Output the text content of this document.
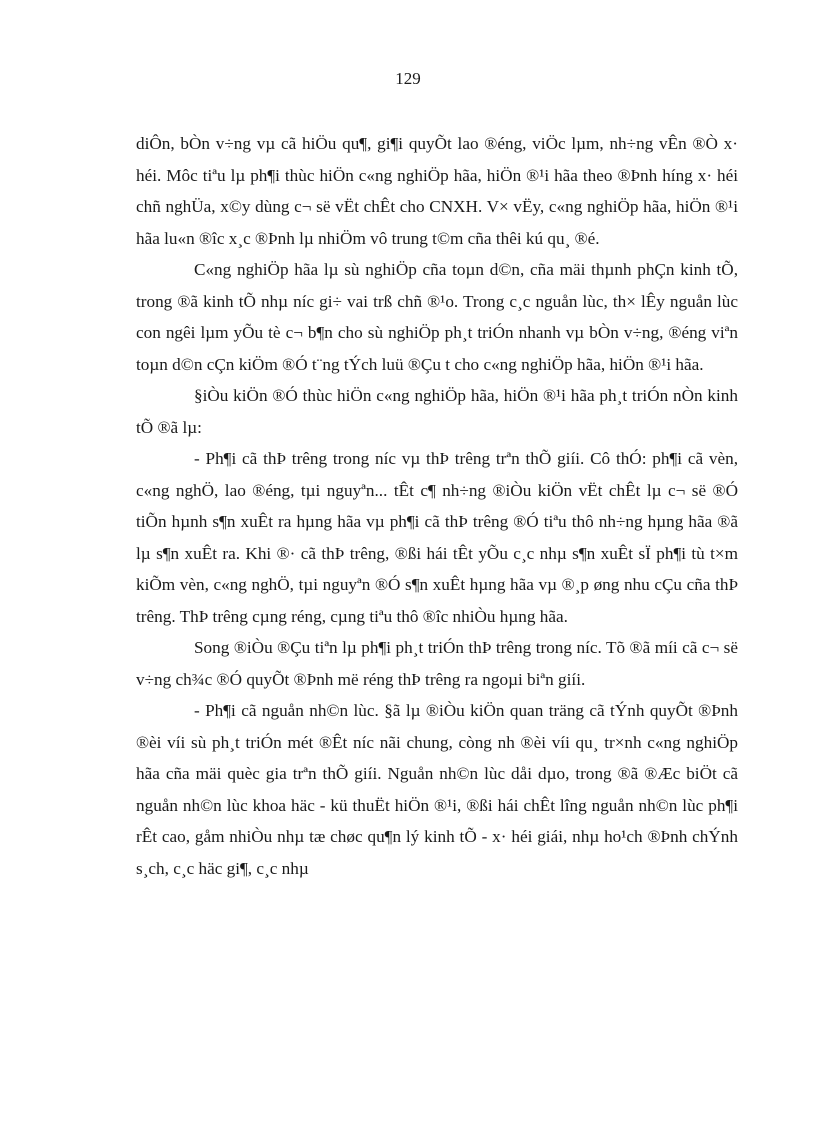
129

diÔn, bÒn v÷ng vµ cã hiÖu qu¶, gi¶i quyÕt lao ®éng, viÖc lµm, nh÷ng vÊn ®Ò x· héi. Môc tiªu lµ ph¶i thùc hiÖn c«ng nghiÖp hãa, hiÖn ®¹i hãa theo ®Þnh híng x· héi chñ nghÜa, x©y dùng c¬ së vËt chÊt cho CNXH. V× vËy, c«ng nghiÖp hãa, hiÖn ®¹i hãa lu«n ®îc x¸c ®Þnh lµ nhiÖm vô trung t©m cña thêi kú qu¸ ®é.

C«ng nghiÖp hãa lµ sù nghiÖp cña toµn d©n, cña mäi thµnh phÇn kinh tÕ, trong ®ã kinh tÕ nhµ níc gi÷ vai trß chñ ®¹o. Trong c¸c nguån lùc, th× lÊy nguån lùc con ngêi lµm yÕu tè c¬ b¶n cho sù nghiÖp ph¸t triÓn nhanh vµ bÒn v÷ng, ®éng viªn toµn d©n cÇn kiÖm ®Ó t¨ng tÝch luü ®Çu t cho c«ng nghiÖp hãa, hiÖn ®¹i hãa.

§iÒu kiÖn ®Ó thùc hiÖn c«ng nghiÖp hãa, hiÖn ®¹i hãa ph¸t triÓn nÒn kinh tÕ ®ã lµ:

- Ph¶i cã thÞ trêng trong níc vµ thÞ trêng trªn thÕ giíi. Cô thÓ: ph¶i cã vèn, c«ng nghÖ, lao ®éng, tµi nguyªn... tÊt c¶ nh÷ng ®iÒu kiÖn vËt chÊt lµ c¬ së ®Ó tiÕn hµnh s¶n xuÊt ra hµng hãa vµ ph¶i cã thÞ trêng ®Ó tiªu thô nh÷ng hµng hãa ®ã lµ s¶n xuÊt ra. Khi ®· cã thÞ trêng, ®ßi hái tÊt yÕu c¸c nhµ s¶n xuÊt sÏ ph¶i tù t×m kiÕm vèn, c«ng nghÖ, tµi nguyªn ®Ó s¶n xuÊt hµng hãa vµ ®¸p øng nhu cÇu cña thÞ trêng. ThÞ trêng cµng réng, cµng tiªu thô ®îc nhiÒu hµng hãa.

Song ®iÒu ®Çu tiªn lµ ph¶i ph¸t triÓn thÞ trêng trong níc. Tõ ®ã míi cã c¬ së v÷ng ch¾c ®Ó quyÕt ®Þnh më réng thÞ trêng ra ngoµi biªn giíi.

- Ph¶i cã nguån nh©n lùc. §ã lµ ®iÒu kiÖn quan träng cã tÝnh quyÕt ®Þnh ®èi víi sù ph¸t triÓn mét ®Êt níc nãi chung, còng nh ®èi víi qu¸ tr×nh c«ng nghiÖp hãa cña mäi quèc gia trªn thÕ giíi. Nguån nh©n lùc dåi dµo, trong ®ã ®Æc biÖt cã nguån nh©n lùc khoa häc - kü thuËt hiÖn ®¹i, ®ßi hái chÊt lîng nguån nh©n lùc ph¶i rÊt cao, gåm nhiÒu nhµ tæ chøc qu¶n lý kinh tÕ - x· héi giái, nhµ ho¹ch ®Þnh chÝnh s¸ch, c¸c häc gi¶, c¸c nhµ
